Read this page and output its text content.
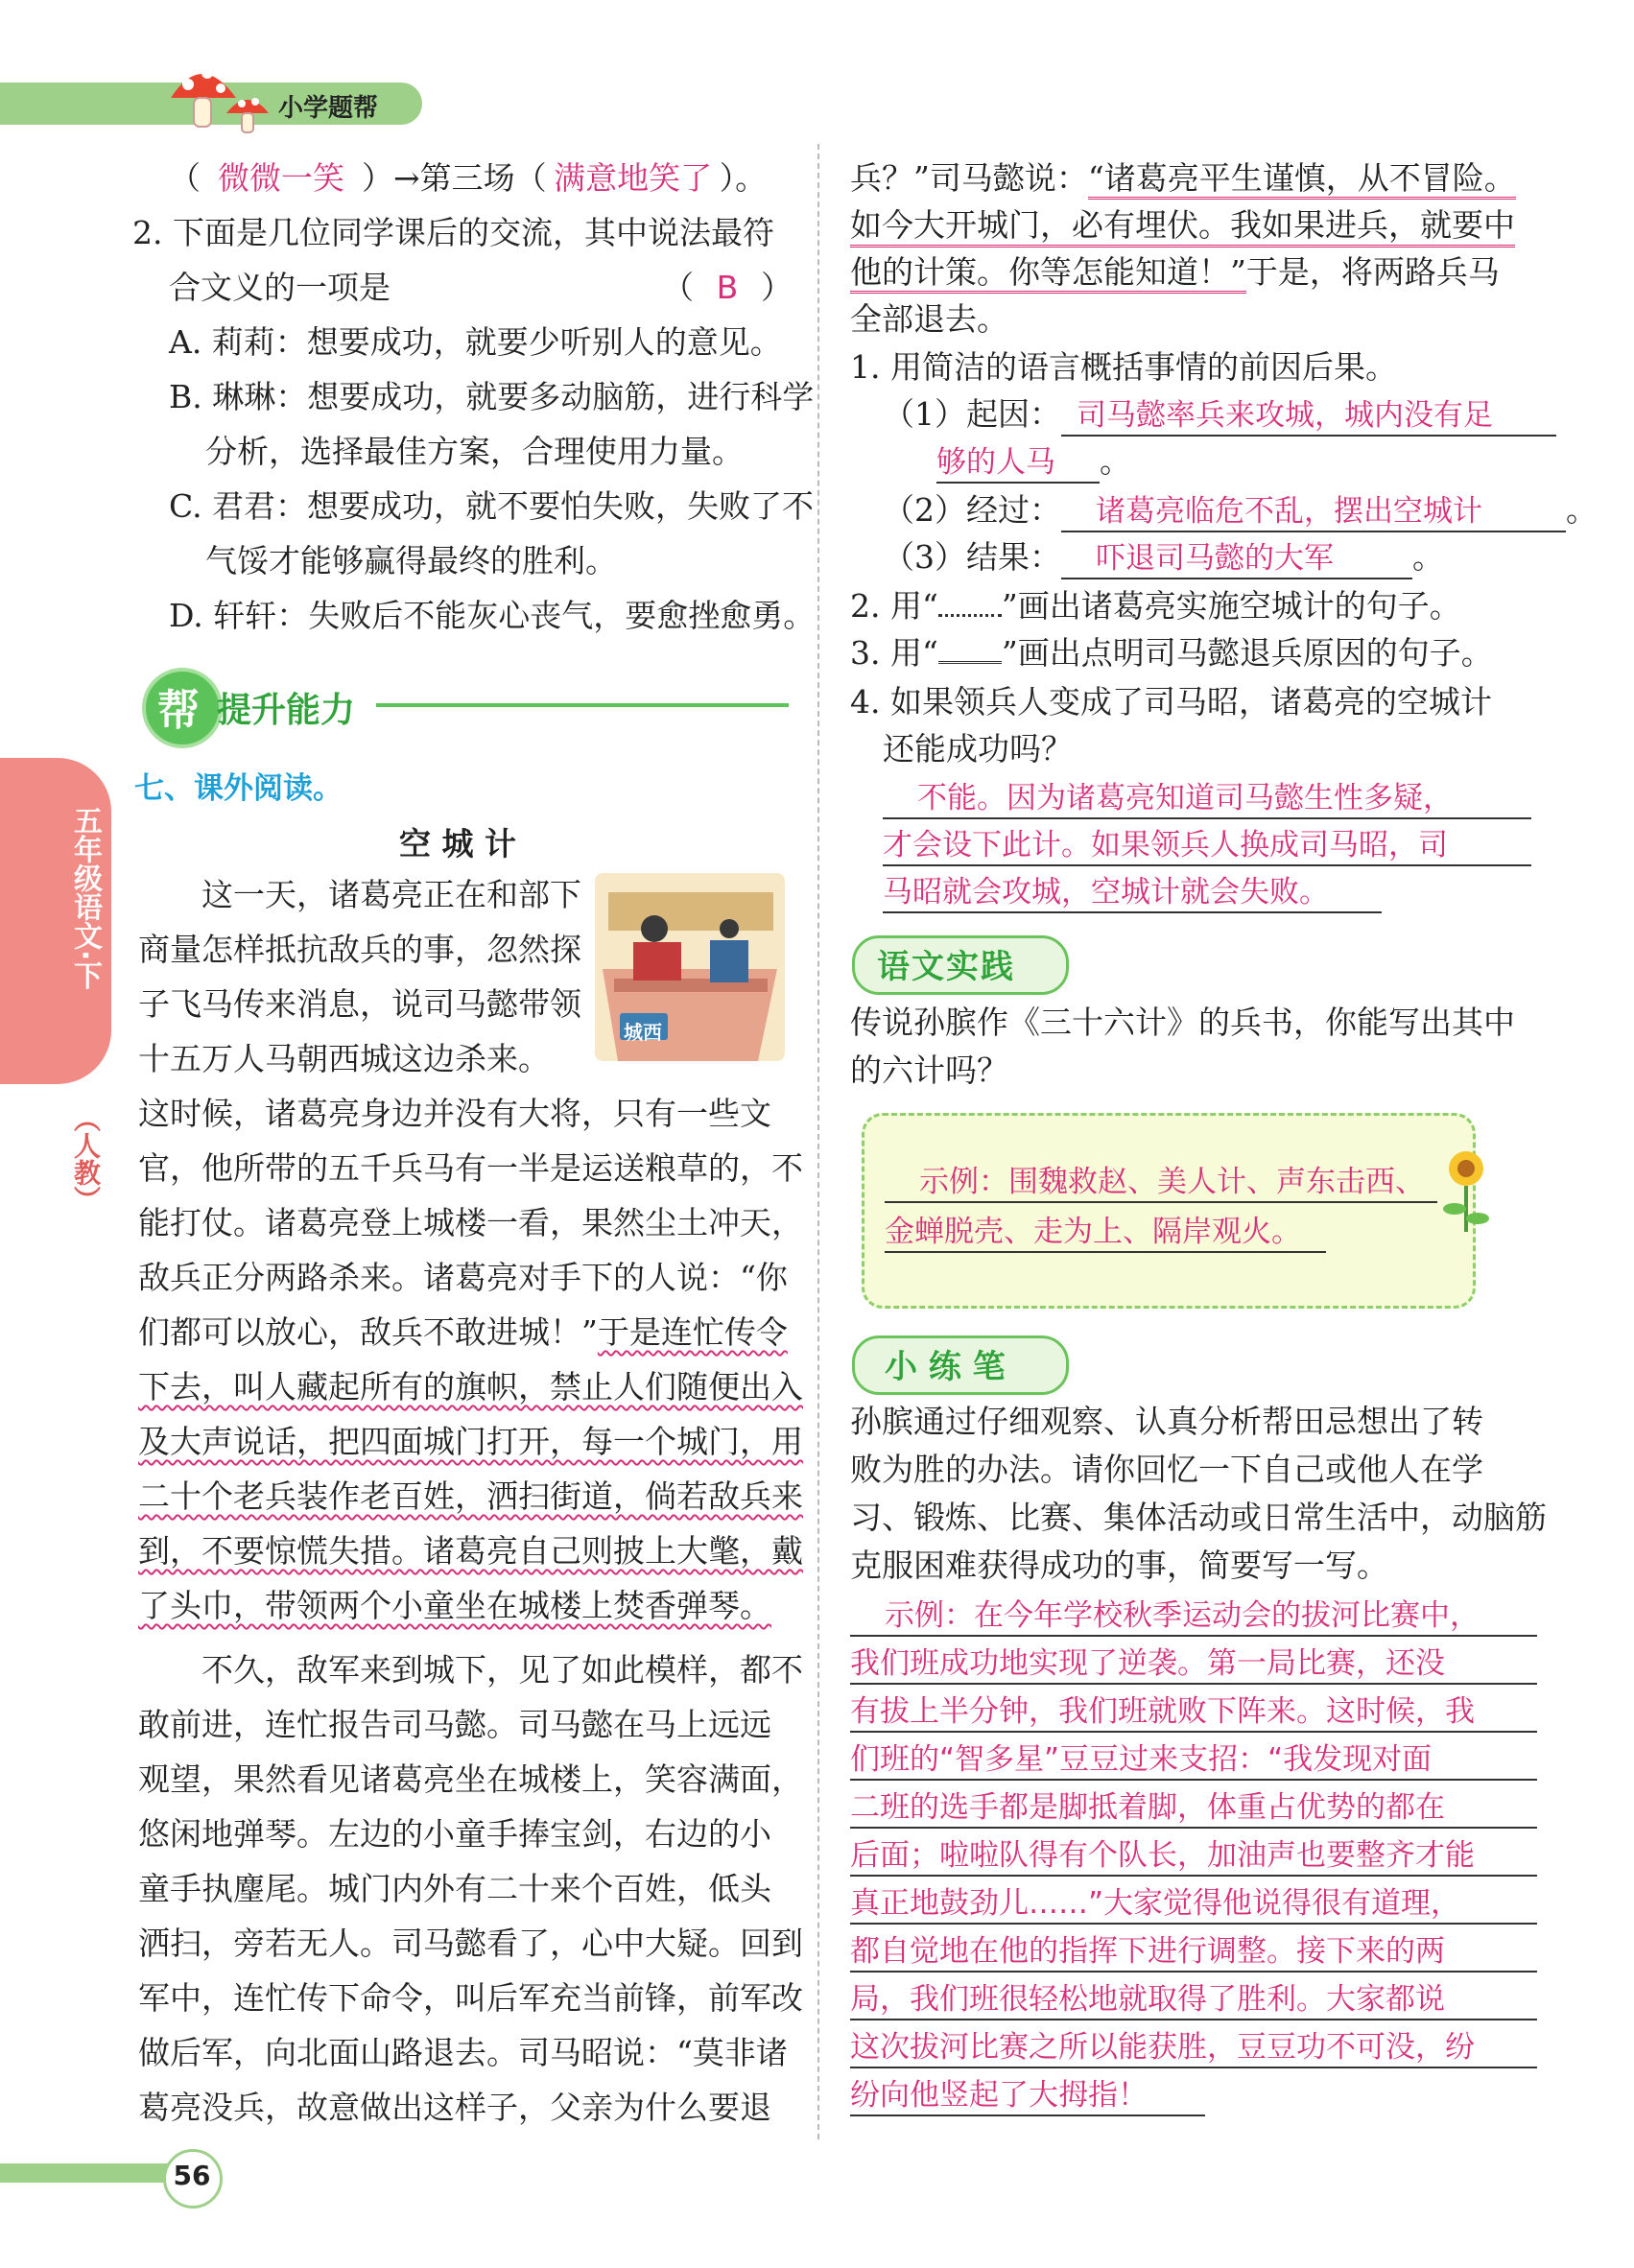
小学题帮
五年级语文·下
（人教）
（ 微微一笑 ）→第三场（ 满意地笑了 ）。
2. 下面是几位同学课后的交流，其中说法最符
合文义的一项是	（ B ）
A. 莉莉：想要成功，就要少听别人的意见。
B. 琳琳：想要成功，就要多动脑筋，进行科学
分析，选择最佳方案，合理使用力量。
C. 君君：想要成功，就不要怕失败，失败了不
气馁才能够赢得最终的胜利。
D. 轩轩：失败后不能灰心丧气，要愈挫愈勇。
帮 提升能力
七、课外阅读。
空 城 计
城西
这一天，诸葛亮正在和部下
商量怎样抵抗敌兵的事，忽然探
子飞马传来消息，说司马懿带领
十五万人马朝西城这边杀来。
这时候，诸葛亮身边并没有大将，只有一些文
官，他所带的五千兵马有一半是运送粮草的，不
能打仗。诸葛亮登上城楼一看，果然尘土冲天，
敌兵正分两路杀来。诸葛亮对手下的人说：“你
们都可以放心，敌兵不敢进城！”于是连忙传令
下去，叫人藏起所有的旗帜，禁止人们随便出入
及大声说话，把四面城门打开，每一个城门，用
二十个老兵装作老百姓，洒扫街道，倘若敌兵来
到，不要惊慌失措。诸葛亮自己则披上大氅，戴
了头巾，带领两个小童坐在城楼上焚香弹琴。
不久，敌军来到城下，见了如此模样，都不
敢前进，连忙报告司马懿。司马懿在马上远远
观望，果然看见诸葛亮坐在城楼上，笑容满面，
悠闲地弹琴。左边的小童手捧宝剑，右边的小
童手执麈尾。城门内外有二十来个百姓，低头
洒扫，旁若无人。司马懿看了，心中大疑。回到
军中，连忙传下命令，叫后军充当前锋，前军改
做后军，向北面山路退去。司马昭说：“莫非诸
葛亮没兵，故意做出这样子，父亲为什么要退
兵？”司马懿说：“诸葛亮平生谨慎，从不冒险。
如今大开城门，必有埋伏。我如果进兵，就要中
他的计策。你等怎能知道！”于是，将两路兵马
全部退去。
1. 用简洁的语言概括事情的前因后果。
（1）起因： 司马懿率兵来攻城，城内没有足
够的人马 。
（2）经过： 诸葛亮临危不乱，摆出空城计	。
（3）结果： 吓退司马懿的大军 。
2. 用“ ”画出诸葛亮实施空城计的句子。
3. 用“ ”画出点明司马懿退兵原因的句子。
4. 如果领兵人变成了司马昭，诸葛亮的空城计
还能成功吗？
不能。因为诸葛亮知道司马懿生性多疑，
才会设下此计。如果领兵人换成司马昭，司
马昭就会攻城，空城计就会失败。
语文实践
传说孙膑作《三十六计》的兵书，你能写出其中
的六计吗？
示例：围魏救赵、美人计、声东击西、
金蝉脱壳、走为上、隔岸观火。
小 练 笔
孙膑通过仔细观察、认真分析帮田忌想出了转
败为胜的办法。请你回忆一下自己或他人在学
习、锻炼、比赛、集体活动或日常生活中，动脑筋
克服困难获得成功的事，简要写一写。
示例：在今年学校秋季运动会的拔河比赛中，
我们班成功地实现了逆袭。第一局比赛，还没
有拔上半分钟，我们班就败下阵来。这时候，我
们班的“智多星”豆豆过来支招：“我发现对面
二班的选手都是脚抵着脚，体重占优势的都在
后面；啦啦队得有个队长，加油声也要整齐才能
真正地鼓劲儿……”大家觉得他说得很有道理，
都自觉地在他的指挥下进行调整。接下来的两
局，我们班很轻松地就取得了胜利。大家都说
这次拔河比赛之所以能获胜，豆豆功不可没，纷
纷向他竖起了大拇指！
56
